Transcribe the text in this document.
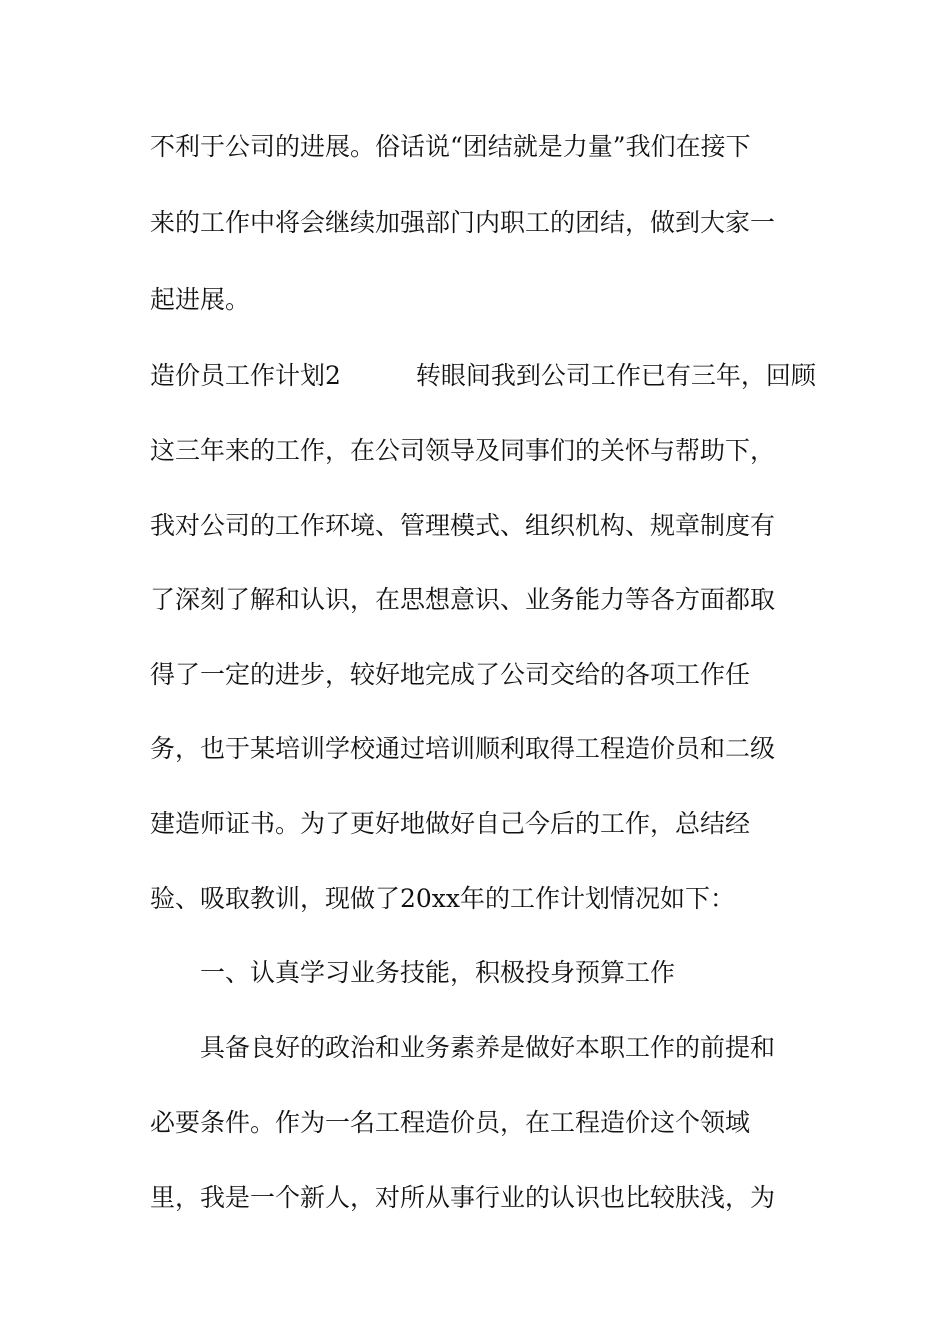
不利于公司的进展。俗话说“团结就是力量”我们在接下
来的工作中将会继续加强部门内职工的团结，做到大家一
起进展。
造价员工作计划2　　　转眼间我到公司工作已有三年，回顾
这三年来的工作，在公司领导及同事们的关怀与帮助下，
我对公司的工作环境、管理模式、组织机构、规章制度有
了深刻了解和认识，在思想意识、业务能力等各方面都取
得了一定的进步，较好地完成了公司交给的各项工作任
务，也于某培训学校通过培训顺利取得工程造价员和二级
建造师证书。为了更好地做好自己今后的工作，总结经
验、吸取教训，现做了20xx年的工作计划情况如下：
　　一、认真学习业务技能，积极投身预算工作
　　具备良好的政治和业务素养是做好本职工作的前提和
必要条件。作为一名工程造价员，在工程造价这个领域
里，我是一个新人，对所从事行业的认识也比较肤浅，为
